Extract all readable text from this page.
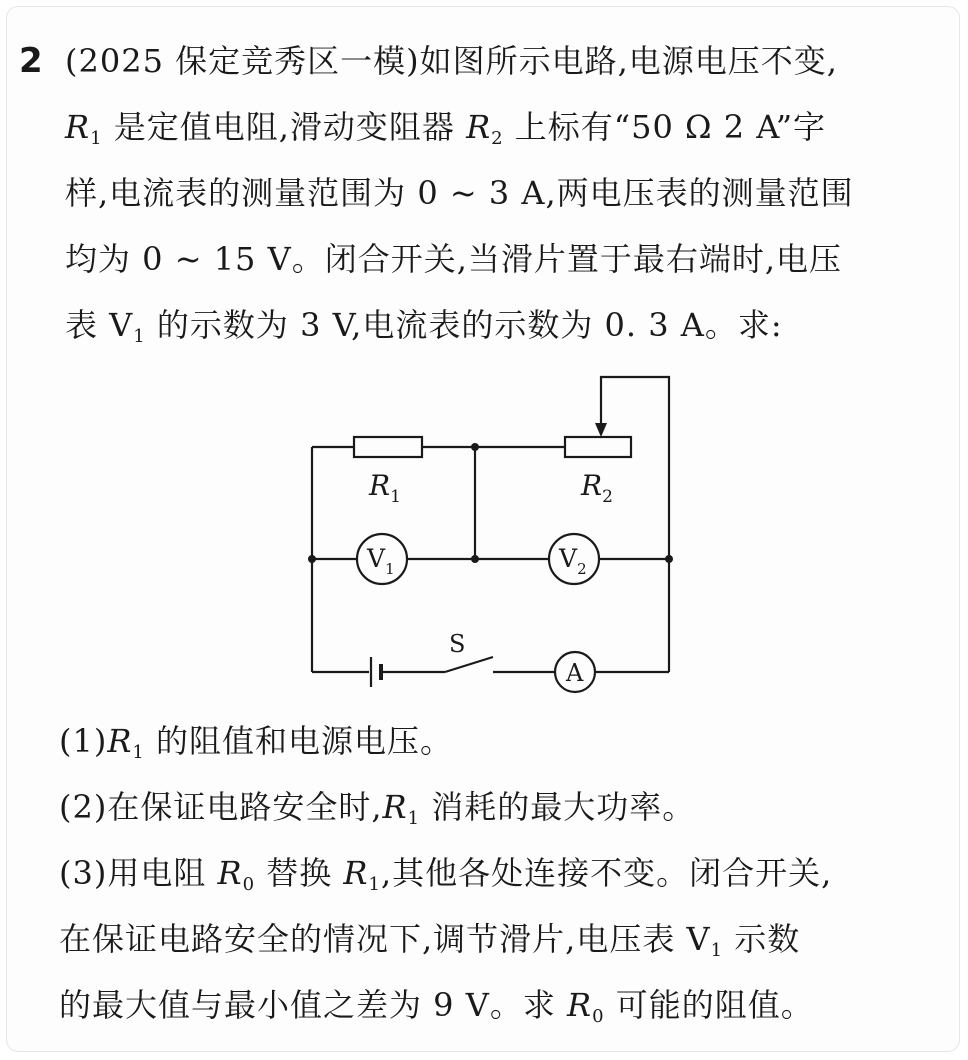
2 (2025 保定竞秀区一模)如图所示电路,电源电压不变,
$R_1$ 是定值电阻,滑动变阻器 $R_2$ 上标有“50 Ω 2 A”字
样,电流表的测量范围为 0 ~ 3 A,两电压表的测量范围
均为 0 ~ 15 V。闭合开关,当滑片置于最右端时,电压
表 $V_1$ 的示数为 3 V,电流表的示数为 0. 3 A。求:
$R_1$	$R_2$
$V_1$	$V_2$
A
S
$(1)R_1$ 的阻值和电源电压。
(2)在保证电路安全时$,R_1$ 消耗的最大功率。
(3)用电阻 $R_0$ 替换 $R_1$,其他各处连接不变。闭合开关,
在保证电路安全的情况下,调节滑片,电压表 $V_1$ 示数
的最大值与最小值之差为 9 V。求 $R_0$ 可能的阻值。
